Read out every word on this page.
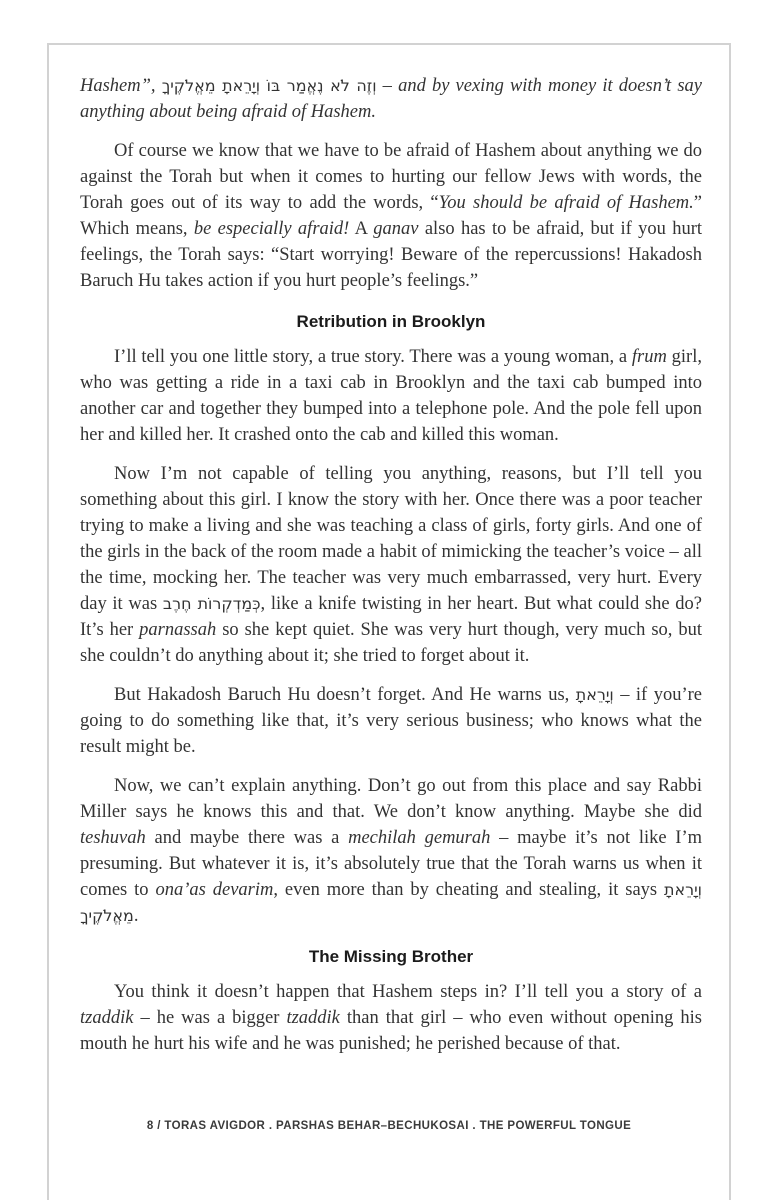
Hashem”, וְזֶה לֹא נֶאֱמַר בּוֹ וְיָרֵאתָ מֵאֱלֹקֶיךָ – and by vexing with money it doesn’t say anything about being afraid of Hashem.

Of course we know that we have to be afraid of Hashem about anything we do against the Torah but when it comes to hurting our fellow Jews with words, the Torah goes out of its way to add the words, “You should be afraid of Hashem.” Which means, be especially afraid! A ganav also has to be afraid, but if you hurt feelings, the Torah says: “Start worrying! Beware of the repercussions! Hakadosh Baruch Hu takes action if you hurt people’s feelings.”

Retribution in Brooklyn

I’ll tell you one little story, a true story. There was a young woman, a frum girl, who was getting a ride in a taxi cab in Brooklyn and the taxi cab bumped into another car and together they bumped into a telephone pole. And the pole fell upon her and killed her. It crashed onto the cab and killed this woman.

Now I’m not capable of telling you anything, reasons, but I’ll tell you something about this girl. I know the story with her. Once there was a poor teacher trying to make a living and she was teaching a class of girls, forty girls. And one of the girls in the back of the room made a habit of mimicking the teacher’s voice – all the time, mocking her. The teacher was very much embarrassed, very hurt. Every day it was כְּמַדְקְרוֹת חֶרֶב, like a knife twisting in her heart. But what could she do? It’s her parnassah so she kept quiet. She was very hurt though, very much so, but she couldn’t do anything about it; she tried to forget about it.

But Hakadosh Baruch Hu doesn’t forget. And He warns us, וְיָרֵאתָ – if you’re going to do something like that, it’s very serious business; who knows what the result might be.

Now, we can’t explain anything. Don’t go out from this place and say Rabbi Miller says he knows this and that. We don’t know anything. Maybe she did teshuvah and maybe there was a mechilah gemurah – maybe it’s not like I’m presuming. But whatever it is, it’s absolutely true that the Torah warns us when it comes to ona’as devarim, even more than by cheating and stealing, it says וְיָרֵאתָ מֵאֱלֹקֶיךָ.

The Missing Brother

You think it doesn’t happen that Hashem steps in? I’ll tell you a story of a tzaddik – he was a bigger tzaddik than that girl – who even without opening his mouth he hurt his wife and he was punished; he perished because of that.

8 / TORAS AVIGDOR . PARSHAS BEHAR–BECHUKOSAI . THE POWERFUL TONGUE
